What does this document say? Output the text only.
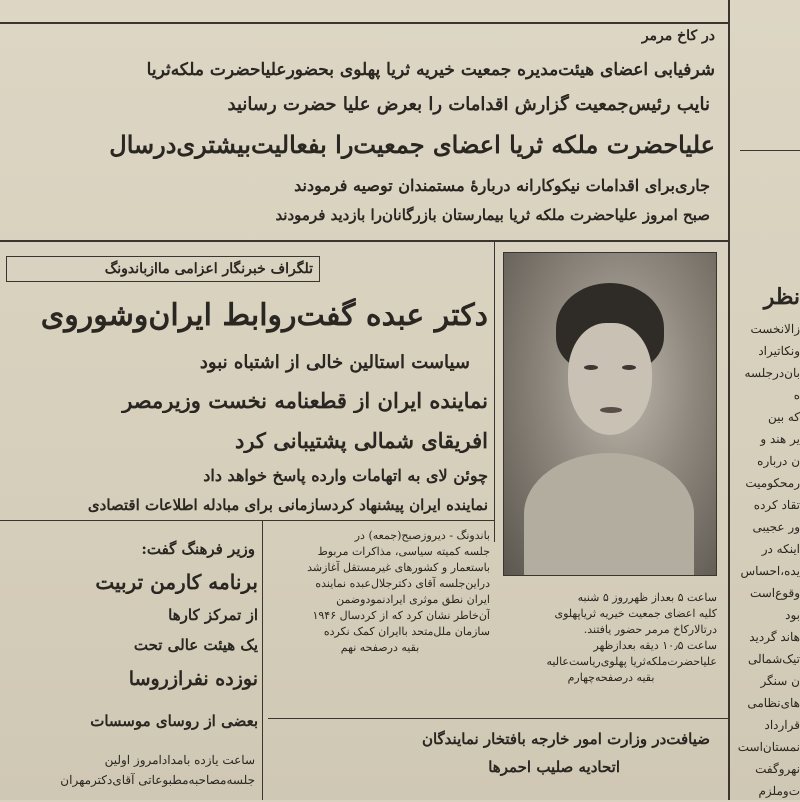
در کاخ مرمر
شرفیابی اعضای هیئت‌مدیره جمعیت خیریه ثریا پهلوی بحضورعلیاحضرت ملکه‌ثریا
نایب رئیس‌جمعیت گزارش اقدامات را بعرض علیا حضرت رسانید
علیاحضرت ملکه ثریا اعضای جمعیت‌را بفعالیت‌بیشتری‌درسال
جاری‌برای اقدامات نیکوکارانه دربارهٔ مستمندان توصیه فرمودند
صبح امروز علیاحضرت ملکه ثریا بیمارستان بازرگانان‌را بازدید فرمودند
تلگراف خبرنگار اعزامی ماازباندونگ
دکتر عبده گفت‌روابط ایران‌وشوروی
سیاست استالین خالی از اشتباه نبود
نماینده ایران از قطعنامه نخست وزیرمصر
افریقای شمالی پشتیبانی کرد
چوئن لای به اتهامات وارده پاسخ خواهد داد
نماینده ایران پیشنهاد کردسازمانی برای مبادله اطلاعات اقتصادی
باندونگ - دیروزصبح(جمعه) در
جلسه کمیته سیاسی، مذاکرات مربوط
باستعمار و کشورهای غیرمستقل آغازشد
دراین‌جلسه آقای دکترجلال‌عبده نماینده
ایران نطق موثری ایرادنمودوضمن
آن‌خاطر نشان کرد که از کردسال ۱۹۴۶
سازمان ملل‌متحد باایران کمک نکرده
بقیه درصفحه نهم
ساعت ۵ بعداز ظهرروز ۵ شنبه
کلیه اعضای جمعیت خیریه ثریاپهلوی
درتالارکاخ مرمر حضور یافتند.
ساعت ۱۰٫۵ دیقه بعدازظهر
علیاحضرت‌ملکه‌ثریا پهلوی‌ریاست‌عالیه
بقیه درصفحه‌چهارم
وزیر فرهنگ گفت:
برنامه کارمن تربیت
از تمرکز کارها
یک هیئت عالی تحت
نوزده نفرازروسا
بعضی از روسای موسسات
ساعت یازده بامدادامروز اولین
جلسه‌مصاحبه‌مطبوعاتی آقای‌دکترمهران
ضیافت‌در وزارت امور خارجه بافتخار نمایندگان
اتحادیه صلیب احمرها
نظر
زالانخست
ونکاتیراد
بان‌درجلسه
ه
که بین
یر هند و
ن درباره
رمحکومیت
تقاد کرده
ور عجیبی
اینکه در
یده،احساس
وقوع‌است
بود
هاند گردید
تیک‌شمالی
ن سنگر
های‌نظامی
قرارداد
نمستان‌است
نهروگفت
ت‌وملزم
